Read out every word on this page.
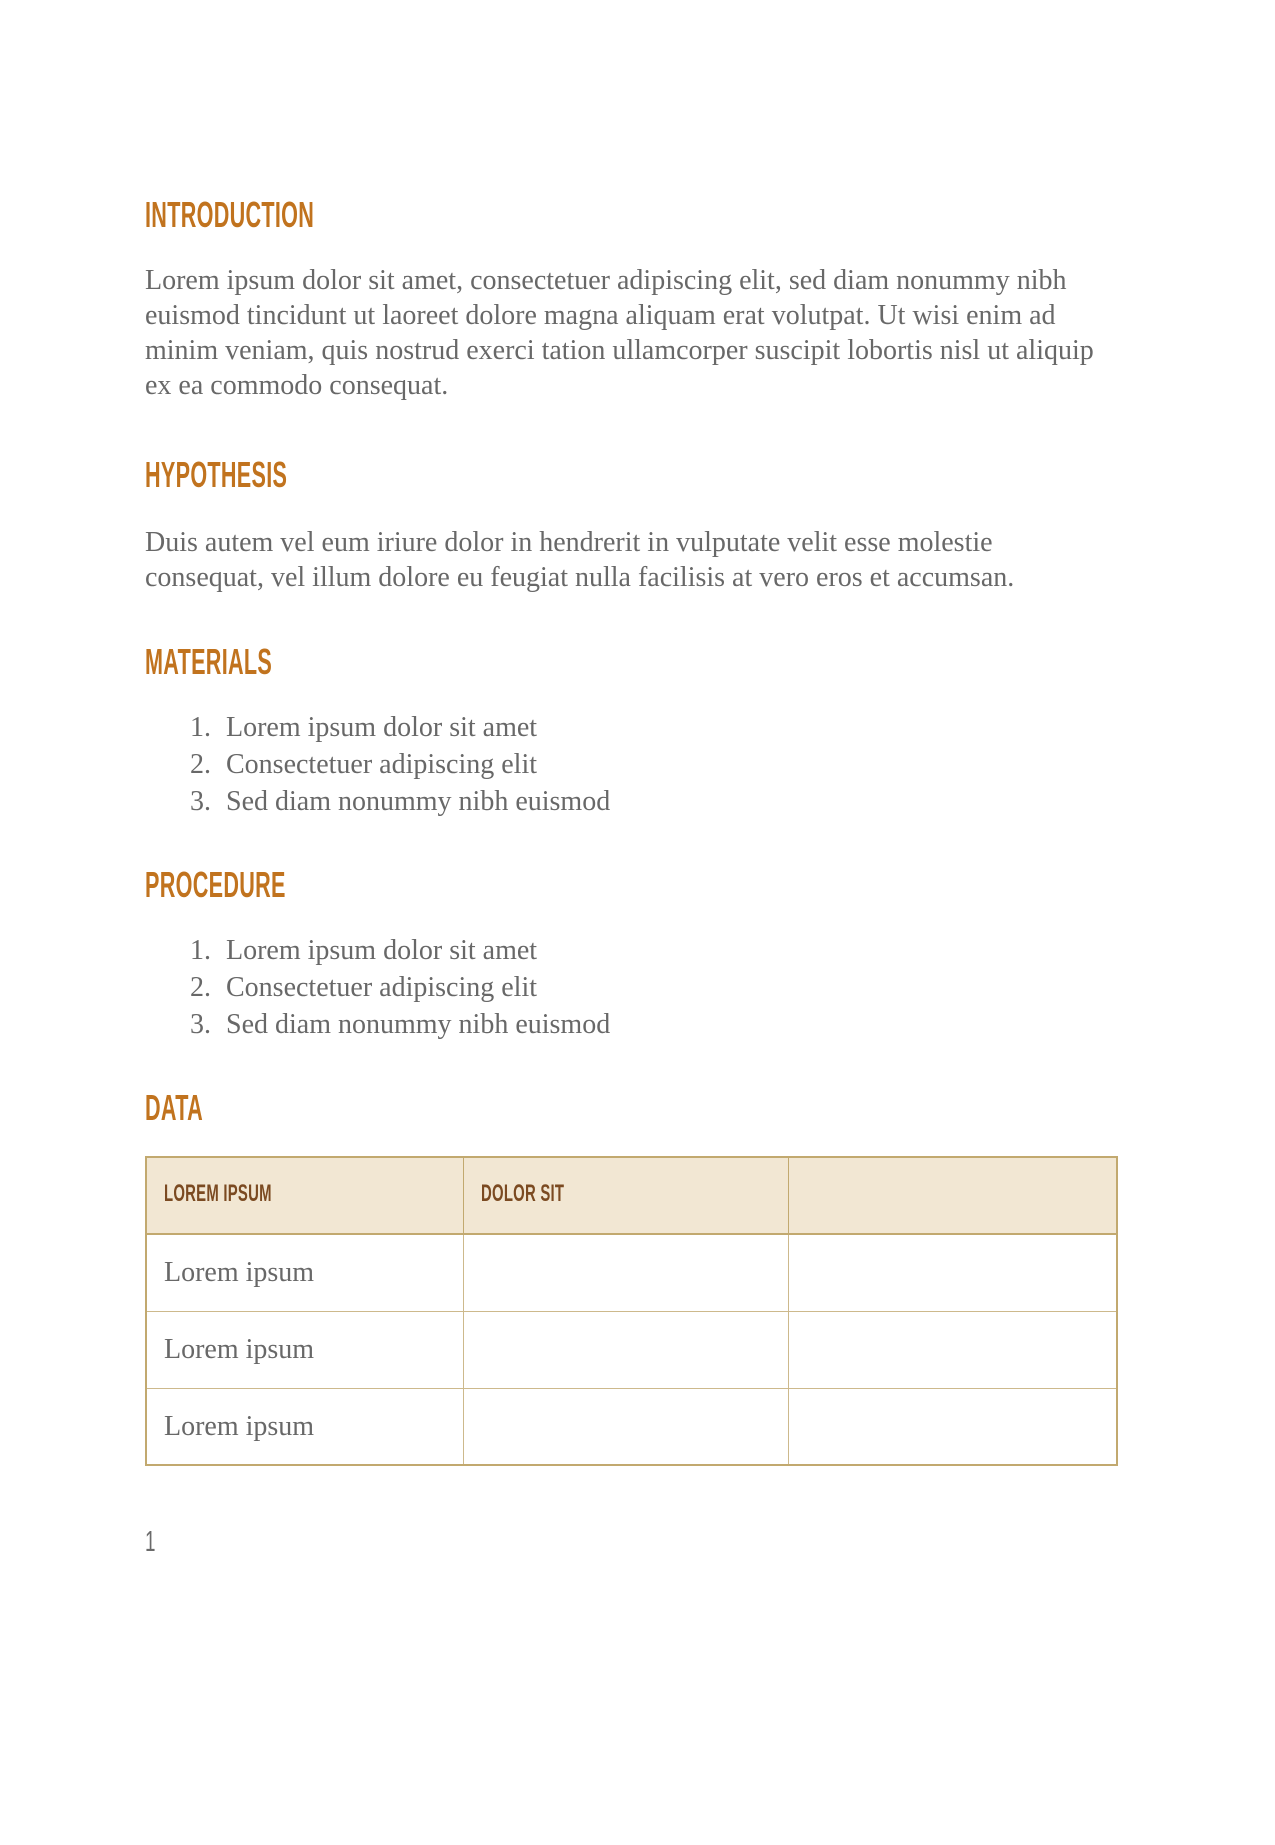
INTRODUCTION

Lorem ipsum dolor sit amet, consectetuer adipiscing elit, sed diam nonummy nibh euismod tincidunt ut laoreet dolore magna aliquam erat volutpat. Ut wisi enim ad minim veniam, quis nostrud exerci tation ullamcorper suscipit lobortis nisl ut aliquip ex ea commodo consequat.

HYPOTHESIS

Duis autem vel eum iriure dolor in hendrerit in vulputate velit esse molestie consequat, vel illum dolore eu feugiat nulla facilisis at vero eros et accumsan.

MATERIALS
Lorem ipsum dolor sit amet
Consectetuer adipiscing elit
Sed diam nonummy nibh euismod
PROCEDURE
Lorem ipsum dolor sit amet
Consectetuer adipiscing elit
Sed diam nonummy nibh euismod
DATA
LOREM IPSUM	DOLOR SIT	
Lorem ipsum		
Lorem ipsum		
Lorem ipsum		
1
